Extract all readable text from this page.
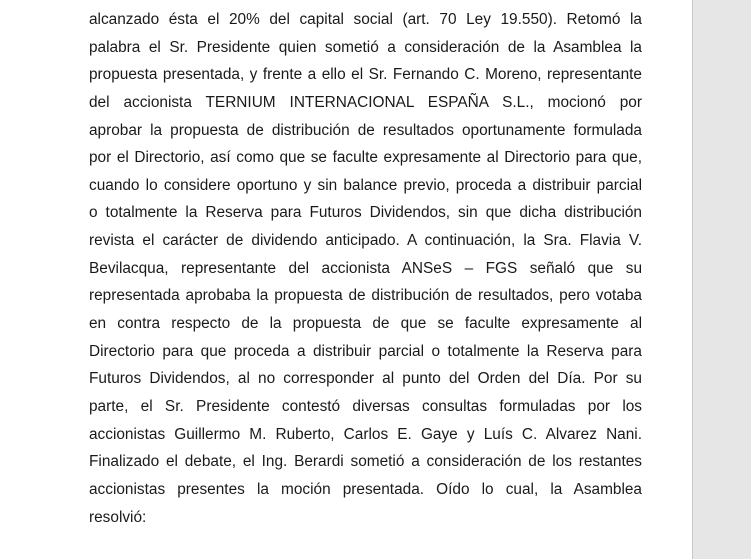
alcanzado ésta el 20% del capital social (art. 70 Ley 19.550). Retomó la
palabra el Sr. Presidente quien sometió a consideración de la Asamblea la
propuesta presentada, y frente a ello el Sr. Fernando C. Moreno, representante
del accionista TERNIUM INTERNACIONAL ESPAÑA S.L., mocionó por
aprobar la propuesta de distribución de resultados oportunamente formulada
por el Directorio, así como que se faculte expresamente al Directorio para que,
cuando lo considere oportuno y sin balance previo, proceda a distribuir parcial
o totalmente la Reserva para Futuros Dividendos, sin que dicha distribución
revista el carácter de dividendo anticipado. A continuación, la Sra. Flavia V.
Bevilacqua, representante del accionista ANSeS – FGS señaló que su
representada aprobaba la propuesta de distribución de resultados, pero votaba
en contra respecto de la propuesta de que se faculte expresamente al
Directorio para que proceda a distribuir parcial o totalmente la Reserva para
Futuros Dividendos, al no corresponder al punto del Orden del Día. Por su
parte, el Sr. Presidente contestó diversas consultas formuladas por los
accionistas Guillermo M. Ruberto, Carlos E. Gaye y Luís C. Alvarez Nani.
Finalizado el debate, el Ing. Berardi sometió a consideración de los restantes
accionistas presentes la moción presentada. Oído lo cual, la Asamblea
resolvió:
